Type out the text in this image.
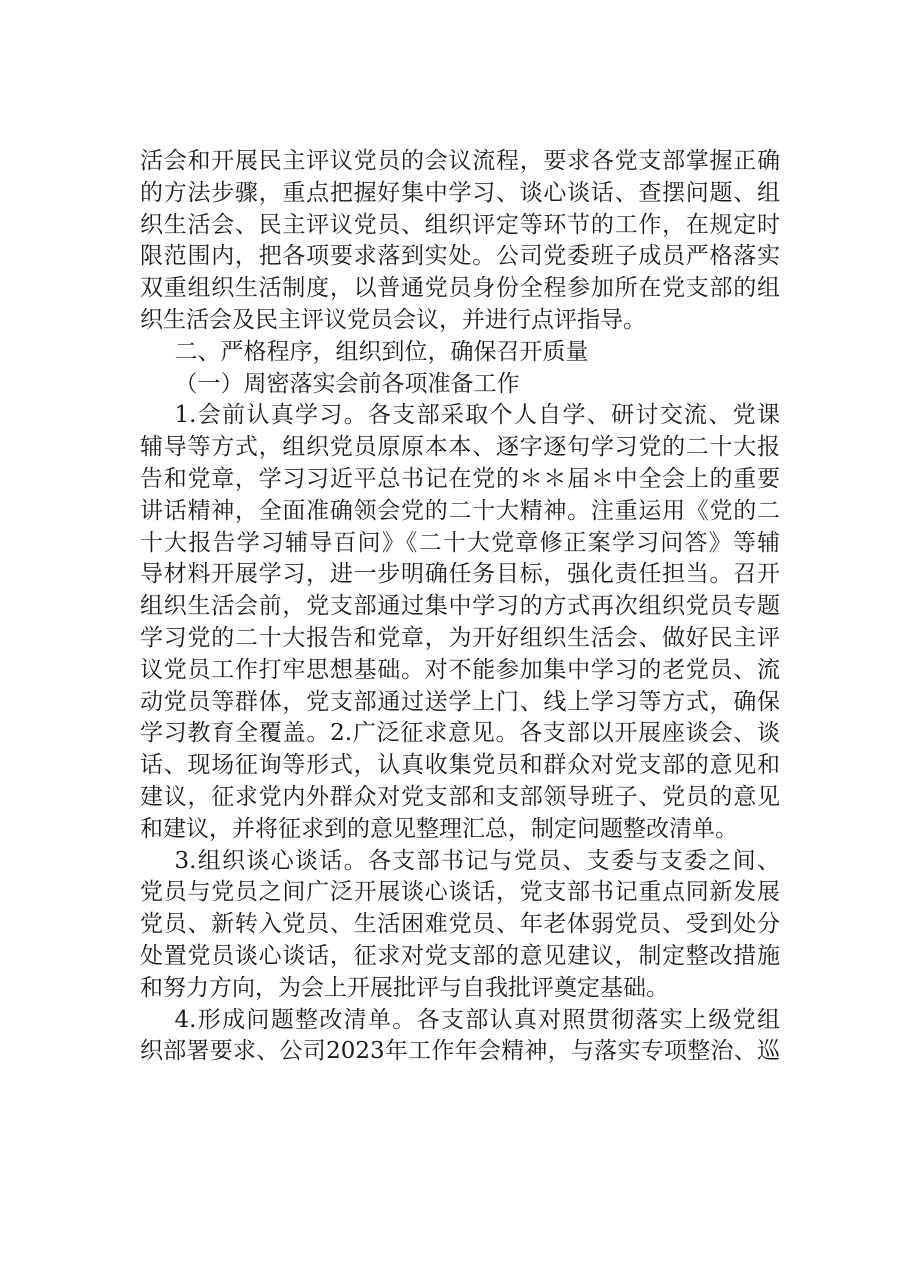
活会和开展民主评议党员的会议流程，要求各党支部掌握正确
的方法步骤，重点把握好集中学习、谈心谈话、查摆问题、组
织生活会、民主评议党员、组织评定等环节的工作，在规定时
限范围内，把各项要求落到实处。公司党委班子成员严格落实
双重组织生活制度，以普通党员身份全程参加所在党支部的组
织生活会及民主评议党员会议，并进行点评指导。
二、严格程序，组织到位，确保召开质量
（一）周密落实会前各项准备工作
1.会前认真学习。各支部采取个人自学、研讨交流、党课
辅导等方式，组织党员原原本本、逐字逐句学习党的二十大报
告和党章，学习习近平总书记在党的＊＊届＊中全会上的重要
讲话精神，全面准确领会党的二十大精神。注重运用《党的二
十大报告学习辅导百问》《二十大党章修正案学习问答》等辅
导材料开展学习，进一步明确任务目标，强化责任担当。召开
组织生活会前，党支部通过集中学习的方式再次组织党员专题
学习党的二十大报告和党章，为开好组织生活会、做好民主评
议党员工作打牢思想基础。对不能参加集中学习的老党员、流
动党员等群体，党支部通过送学上门、线上学习等方式，确保
学习教育全覆盖。2.广泛征求意见。各支部以开展座谈会、谈
话、现场征询等形式，认真收集党员和群众对党支部的意见和
建议，征求党内外群众对党支部和支部领导班子、党员的意见
和建议，并将征求到的意见整理汇总，制定问题整改清单。
3.组织谈心谈话。各支部书记与党员、支委与支委之间、
党员与党员之间广泛开展谈心谈话，党支部书记重点同新发展
党员、新转入党员、生活困难党员、年老体弱党员、受到处分
处置党员谈心谈话，征求对党支部的意见建议，制定整改措施
和努力方向，为会上开展批评与自我批评奠定基础。
4.形成问题整改清单。各支部认真对照贯彻落实上级党组
织部署要求、公司2023年工作年会精神，与落实专项整治、巡
